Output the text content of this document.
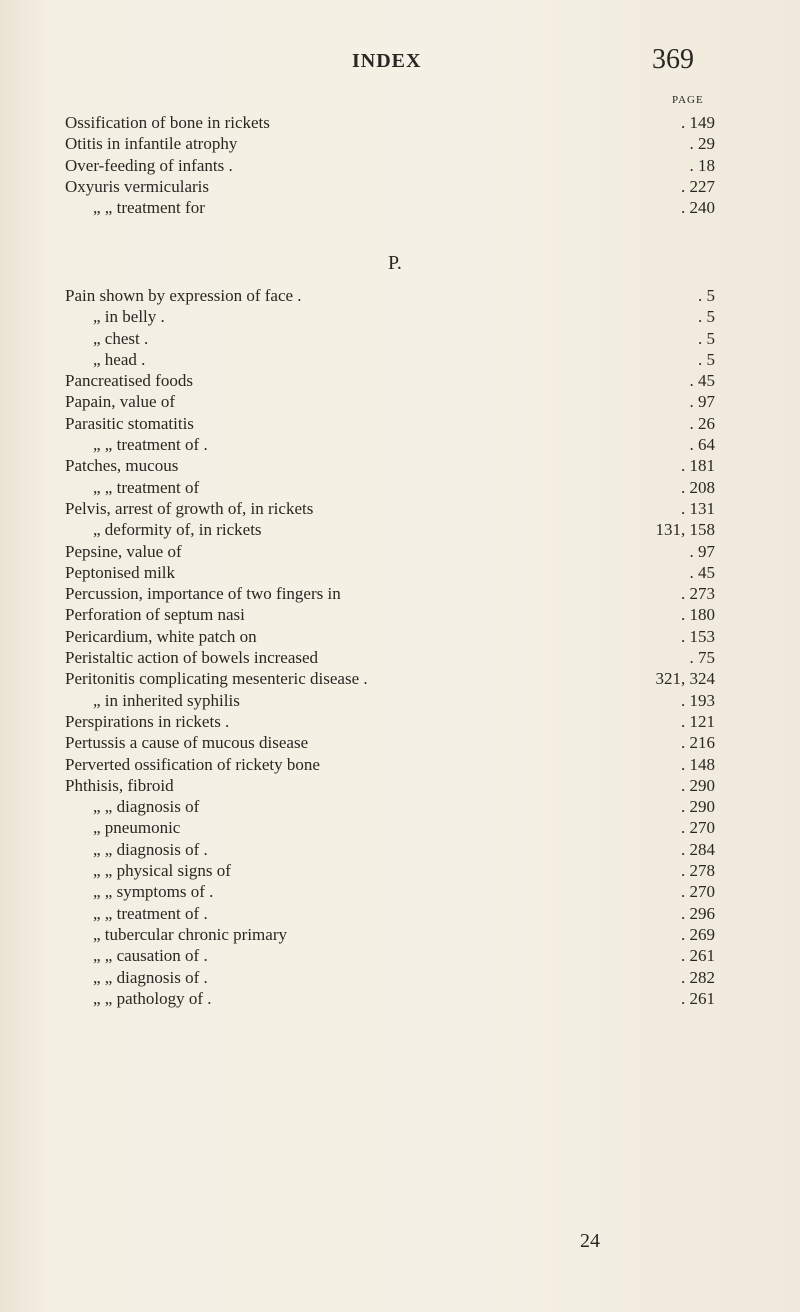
INDEX	369
PAGE
Ossification of bone in rickets	. 149
Otitis in infantile atrophy	. 29
Over-feeding of infants .	. 18
Oxyuris vermicularis	. 227
„ „ treatment for	. 240
P.
Pain shown by expression of face .	. 5
„ in belly .	. 5
„ chest .	. 5
„ head .	. 5
Pancreatised foods	. 45
Papain, value of	. 97
Parasitic stomatitis	. 26
„ „ treatment of .	. 64
Patches, mucous	. 181
„ „ treatment of	. 208
Pelvis, arrest of growth of, in rickets	. 131
„ deformity of, in rickets	131, 158
Pepsine, value of	. 97
Peptonised milk	. 45
Percussion, importance of two fingers in	. 273
Perforation of septum nasi	. 180
Pericardium, white patch on	. 153
Peristaltic action of bowels increased	. 75
Peritonitis complicating mesenteric disease .	321, 324
„ in inherited syphilis	. 193
Perspirations in rickets .	. 121
Pertussis a cause of mucous disease	. 216
Perverted ossification of rickety bone	. 148
Phthisis, fibroid	. 290
„ „ diagnosis of	. 290
„ pneumonic	. 270
„ „ diagnosis of .	. 284
„ „ physical signs of	. 278
„ „ symptoms of .	. 270
„ „ treatment of .	. 296
„ tubercular chronic primary	. 269
„ „ causation of .	. 261
„ „ diagnosis of .	. 282
„ „ pathology of .	. 261
24
